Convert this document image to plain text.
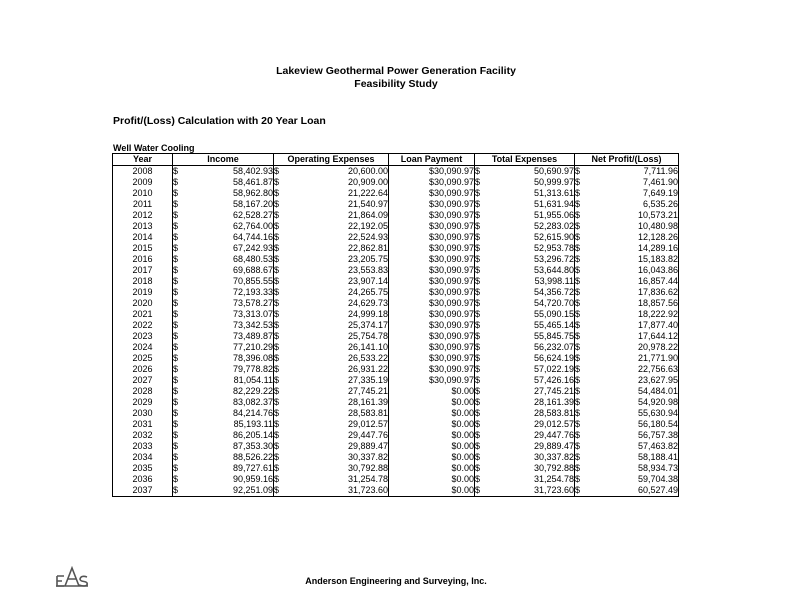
Lakeview Geothermal Power Generation Facility
Feasibility Study
Profit/(Loss) Calculation with 20 Year Loan
Well Water Cooling
Year	Income		Operating Expenses		Loan Payment	Total Expenses		Net Profit/(Loss)	
2008	$	58,402.93	$	20,600.00	$30,090.97	$	50,690.97	$	7,711.96
2009	$	58,461.87	$	20,909.00	$30,090.97	$	50,999.97	$	7,461.90
2010	$	58,962.80	$	21,222.64	$30,090.97	$	51,313.61	$	7,649.19
2011	$	58,167.20	$	21,540.97	$30,090.97	$	51,631.94	$	6,535.26
2012	$	62,528.27	$	21,864.09	$30,090.97	$	51,955.06	$	10,573.21
2013	$	62,764.00	$	22,192.05	$30,090.97	$	52,283.02	$	10,480.98
2014	$	64,744.16	$	22,524.93	$30,090.97	$	52,615.90	$	12,128.26
2015	$	67,242.93	$	22,862.81	$30,090.97	$	52,953.78	$	14,289.16
2016	$	68,480.53	$	23,205.75	$30,090.97	$	53,296.72	$	15,183.82
2017	$	69,688.67	$	23,553.83	$30,090.97	$	53,644.80	$	16,043.86
2018	$	70,855.55	$	23,907.14	$30,090.97	$	53,998.11	$	16,857.44
2019	$	72,193.33	$	24,265.75	$30,090.97	$	54,356.72	$	17,836.62
2020	$	73,578.27	$	24,629.73	$30,090.97	$	54,720.70	$	18,857.56
2021	$	73,313.07	$	24,999.18	$30,090.97	$	55,090.15	$	18,222.92
2022	$	73,342.53	$	25,374.17	$30,090.97	$	55,465.14	$	17,877.40
2023	$	73,489.87	$	25,754.78	$30,090.97	$	55,845.75	$	17,644.12
2024	$	77,210.29	$	26,141.10	$30,090.97	$	56,232.07	$	20,978.22
2025	$	78,396.08	$	26,533.22	$30,090.97	$	56,624.19	$	21,771.90
2026	$	79,778.82	$	26,931.22	$30,090.97	$	57,022.19	$	22,756.63
2027	$	81,054.11	$	27,335.19	$30,090.97	$	57,426.16	$	23,627.95
2028	$	82,229.22	$	27,745.21	$0.00	$	27,745.21	$	54,484.01
2029	$	83,082.37	$	28,161.39	$0.00	$	28,161.39	$	54,920.98
2030	$	84,214.76	$	28,583.81	$0.00	$	28,583.81	$	55,630.94
2031	$	85,193.11	$	29,012.57	$0.00	$	29,012.57	$	56,180.54
2032	$	86,205.14	$	29,447.76	$0.00	$	29,447.76	$	56,757.38
2033	$	87,353.30	$	29,889.47	$0.00	$	29,889.47	$	57,463.82
2034	$	88,526.22	$	30,337.82	$0.00	$	30,337.82	$	58,188.41
2035	$	89,727.61	$	30,792.88	$0.00	$	30,792.88	$	58,934.73
2036	$	90,959.16	$	31,254.78	$0.00	$	31,254.78	$	59,704.38
2037	$	92,251.09	$	31,723.60	$0.00	$	31,723.60	$	60,527.49
Anderson Engineering and Surveying, Inc.
